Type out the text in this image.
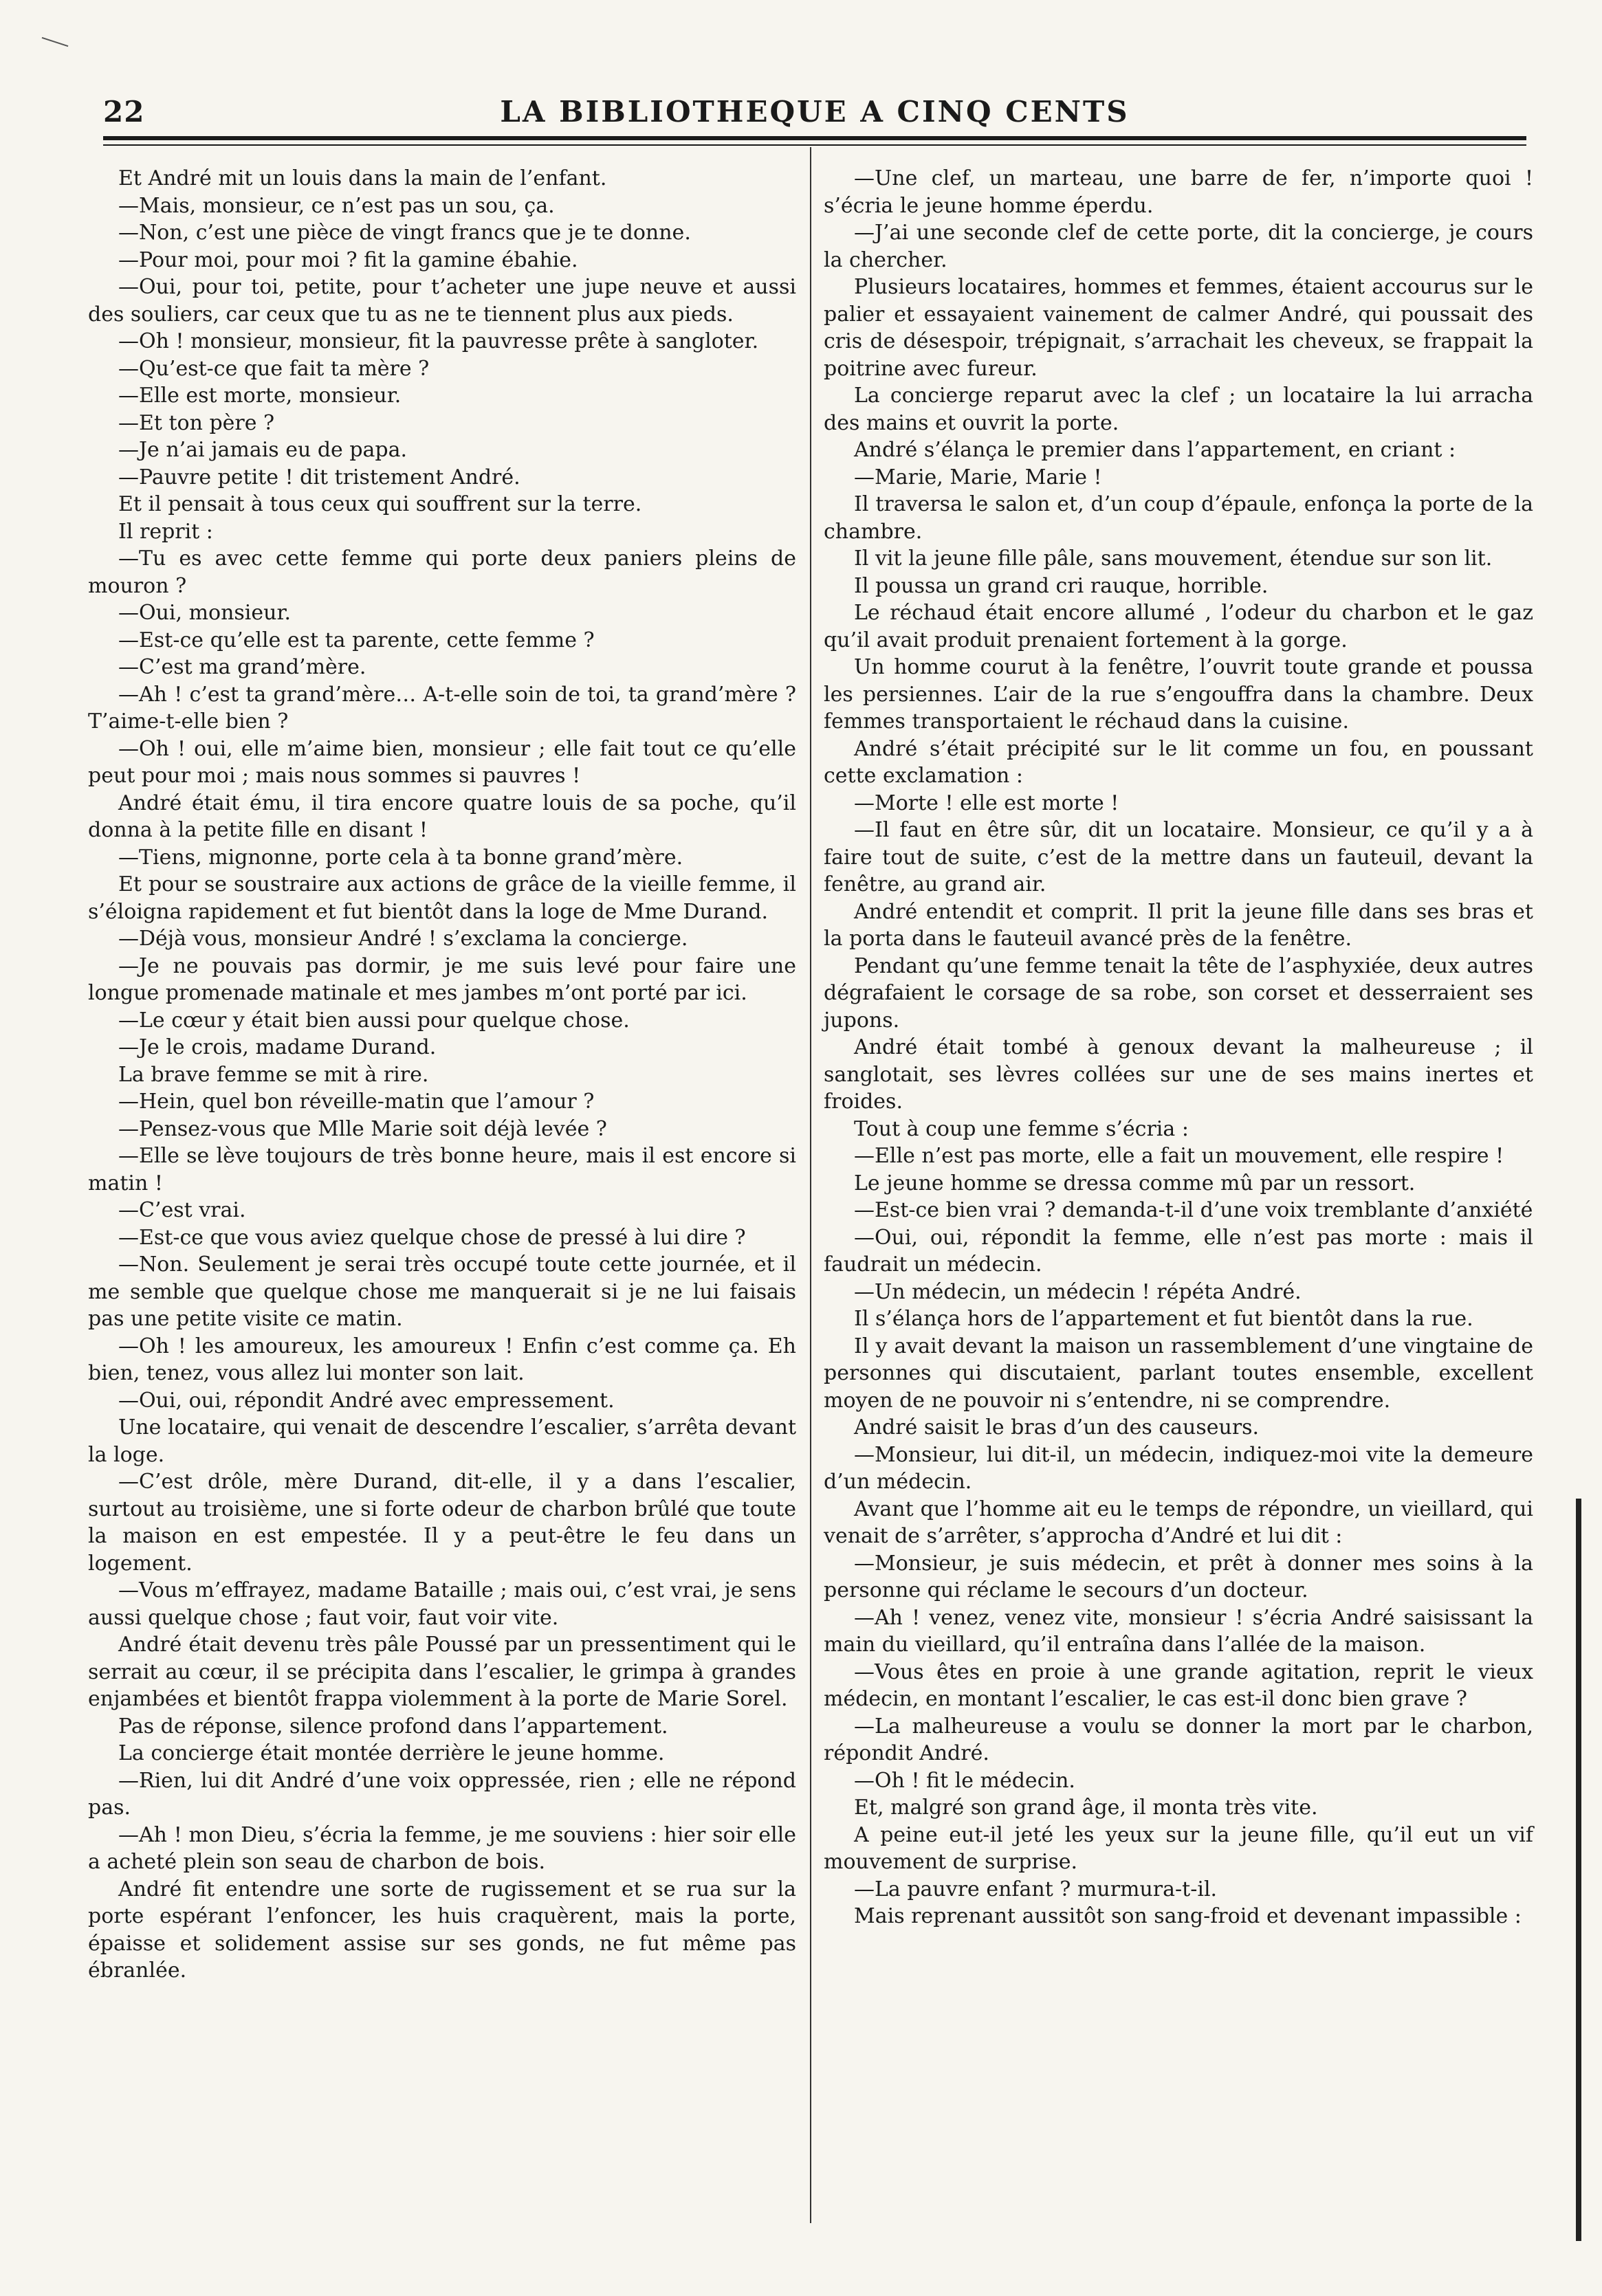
22	LA BIBLIOTHEQUE A CINQ CENTS

Et André mit un louis dans la main de l’enfant.

—Mais, monsieur, ce n’est pas un sou, ça.

—Non, c’est une pièce de vingt francs que je te donne.

—Pour moi, pour moi ? fit la gamine ébahie.

—Oui, pour toi, petite, pour t’acheter une jupe neuve et aussi des souliers, car ceux que tu as ne te tiennent plus aux pieds.

—Oh ! monsieur, monsieur, fit la pauvresse prête à sangloter.

—Qu’est-ce que fait ta mère ?

—Elle est morte, monsieur.

—Et ton père ?

—Je n’ai jamais eu de papa.

—Pauvre petite ! dit tristement André.

Et il pensait à tous ceux qui souffrent sur la terre.

Il reprit :

—Tu es avec cette femme qui porte deux paniers pleins de mouron ?

—Oui, monsieur.

—Est-ce qu’elle est ta parente, cette femme ?

—C’est ma grand’mère.

—Ah ! c’est ta grand’mère… A-t-elle soin de toi, ta grand’mère ? T’aime-t-elle bien ?

—Oh ! oui, elle m’aime bien, monsieur ; elle fait tout ce qu’elle peut pour moi ; mais nous sommes si pauvres !

André était ému, il tira encore quatre louis de sa poche, qu’il donna à la petite fille en disant !

—Tiens, mignonne, porte cela à ta bonne grand’mère.

Et pour se soustraire aux actions de grâce de la vieille femme, il s’éloigna rapidement et fut bientôt dans la loge de Mme Durand.

—Déjà vous, monsieur André ! s’exclama la concierge.

—Je ne pouvais pas dormir, je me suis levé pour faire une longue promenade matinale et mes jambes m’ont porté par ici.

—Le cœur y était bien aussi pour quelque chose.

—Je le crois, madame Durand.

La brave femme se mit à rire.

—Hein, quel bon réveille-matin que l’amour ?

—Pensez-vous que Mlle Marie soit déjà levée ?

—Elle se lève toujours de très bonne heure, mais il est encore si matin !

—C’est vrai.

—Est-ce que vous aviez quelque chose de pressé à lui dire ?

—Non. Seulement je serai très occupé toute cette journée, et il me semble que quelque chose me manquerait si je ne lui faisais pas une petite visite ce matin.

—Oh ! les amoureux, les amoureux ! Enfin c’est comme ça. Eh bien, tenez, vous allez lui monter son lait.

—Oui, oui, répondit André avec empressement.

Une locataire, qui venait de descendre l’escalier, s’arrêta devant la loge.

—C’est drôle, mère Durand, dit-elle, il y a dans l’escalier, surtout au troisième, une si forte odeur de charbon brûlé que toute la maison en est empestée. Il y a peut-être le feu dans un logement.

—Vous m’effrayez, madame Bataille ; mais oui, c’est vrai, je sens aussi quelque chose ; faut voir, faut voir vite.

André était devenu très pâle Poussé par un pressentiment qui le serrait au cœur, il se précipita dans l’escalier, le grimpa à grandes enjambées et bientôt frappa violemment à la porte de Marie Sorel.

Pas de réponse, silence profond dans l’appartement.

La concierge était montée derrière le jeune homme.

—Rien, lui dit André d’une voix oppressée, rien ; elle ne répond pas.

—Ah ! mon Dieu, s’écria la femme, je me souviens : hier soir elle a acheté plein son seau de charbon de bois.

André fit entendre une sorte de rugissement et se rua sur la porte espérant l’enfoncer, les huis craquèrent, mais la porte, épaisse et solidement assise sur ses gonds, ne fut même pas ébranlée.

—Une clef, un marteau, une barre de fer, n’importe quoi ! s’écria le jeune homme éperdu.

—J’ai une seconde clef de cette porte, dit la concierge, je cours la chercher.

Plusieurs locataires, hommes et femmes, étaient accourus sur le palier et essayaient vainement de calmer André, qui poussait des cris de désespoir, trépignait, s’arrachait les cheveux, se frappait la poitrine avec fureur.

La concierge reparut avec la clef ; un locataire la lui arracha des mains et ouvrit la porte.

André s’élança le premier dans l’appartement, en criant :

—Marie, Marie, Marie !

Il traversa le salon et, d’un coup d’épaule, enfonça la porte de la chambre.

Il vit la jeune fille pâle, sans mouvement, étendue sur son lit.

Il poussa un grand cri rauque, horrible.

Le réchaud était encore allumé , l’odeur du charbon et le gaz qu’il avait produit prenaient fortement à la gorge.

Un homme courut à la fenêtre, l’ouvrit toute grande et poussa les persiennes. L’air de la rue s’engouffra dans la chambre. Deux femmes transportaient le réchaud dans la cuisine.

André s’était précipité sur le lit comme un fou, en poussant cette exclamation :

—Morte ! elle est morte !

—Il faut en être sûr, dit un locataire. Monsieur, ce qu’il y a à faire tout de suite, c’est de la mettre dans un fauteuil, devant la fenêtre, au grand air.

André entendit et comprit. Il prit la jeune fille dans ses bras et la porta dans le fauteuil avancé près de la fenêtre.

Pendant qu’une femme tenait la tête de l’asphyxiée, deux autres dégrafaient le corsage de sa robe, son corset et desserraient ses jupons.

André était tombé à genoux devant la malheureuse ; il sanglotait, ses lèvres collées sur une de ses mains inertes et froides.

Tout à coup une femme s’écria :

—Elle n’est pas morte, elle a fait un mouvement, elle respire !

Le jeune homme se dressa comme mû par un ressort.

—Est-ce bien vrai ? demanda-t-il d’une voix tremblante d’anxiété

—Oui, oui, répondit la femme, elle n’est pas morte : mais il faudrait un médecin.

—Un médecin, un médecin ! répéta André.

Il s’élança hors de l’appartement et fut bientôt dans la rue.

Il y avait devant la maison un rassemblement d’une vingtaine de personnes qui discutaient, parlant toutes ensemble, excellent moyen de ne pouvoir ni s’entendre, ni se comprendre.

André saisit le bras d’un des causeurs.

—Monsieur, lui dit-il, un médecin, indiquez-moi vite la demeure d’un médecin.

Avant que l’homme ait eu le temps de répondre, un vieillard, qui venait de s’arrêter, s’approcha d’André et lui dit :

—Monsieur, je suis médecin, et prêt à donner mes soins à la personne qui réclame le secours d’un docteur.

—Ah ! venez, venez vite, monsieur ! s’écria André saisissant la main du vieillard, qu’il entraîna dans l’allée de la maison.

—Vous êtes en proie à une grande agitation, reprit le vieux médecin, en montant l’escalier, le cas est-il donc bien grave ?

—La malheureuse a voulu se donner la mort par le charbon, répondit André.

—Oh ! fit le médecin.

Et, malgré son grand âge, il monta très vite.

A peine eut-il jeté les yeux sur la jeune fille, qu’il eut un vif mouvement de surprise.

—La pauvre enfant ? murmura-t-il.

Mais reprenant aussitôt son sang-froid et devenant impassible :
